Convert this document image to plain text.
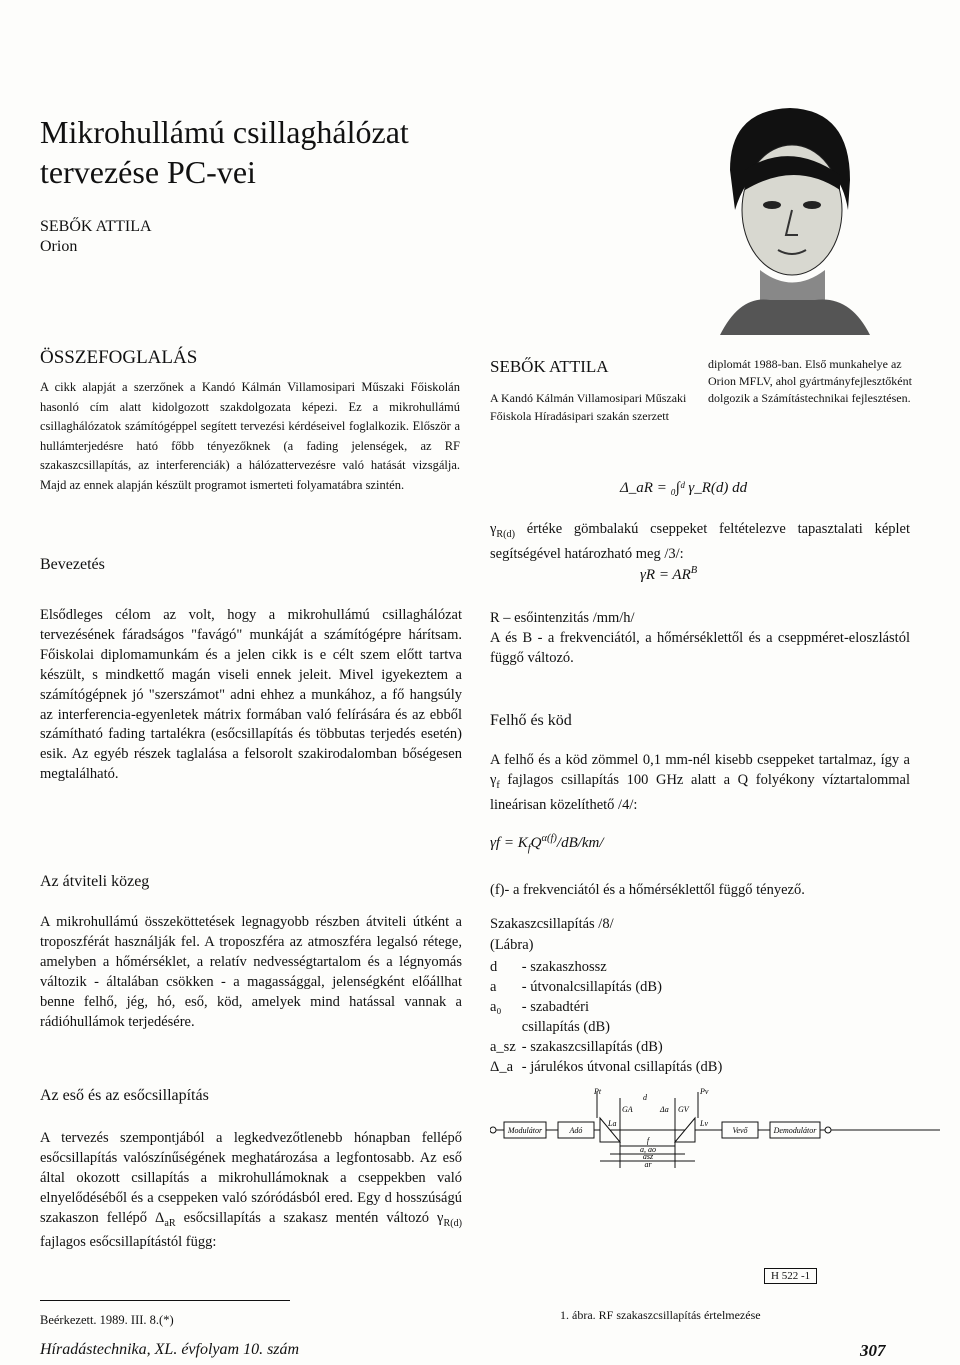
Mikrohullámú csillaghálózat tervezése PC-vei
SEBŐK ATTILA
Orion
ÖSSZEFOGLALÁS
A cikk alapját a szerzőnek a Kandó Kálmán Villamosipari Műszaki Főiskolán hasonló cím alatt kidolgozott szakdolgozata képezi. Ez a mikrohullámú csillaghálózatok számítógéppel segített tervezési kérdéseivel foglalkozik. Először a hullámterjedésre ható főbb tényezőknek (a fading jelenségek, az RF szakaszcsillapítás, az interferenciák) a hálózattervezésre való hatását vizsgálja. Majd az ennek alapján készült programot ismerteti folyamatábra szintén.
Bevezetés
Elsődleges célom az volt, hogy a mikrohullámú csillaghálózat tervezésének fáradságos "favágó" munkáját a számítógépre hárítsam. Főiskolai diplomamunkám és a jelen cikk is e célt szem előtt tartva készült, s mindkettő magán viseli ennek jeleit. Mivel igyekeztem a számítógépnek jó "szerszámot" adni ehhez a munkához, a fő hangsúly az interferencia-egyenletek mátrix formában való felírására és az ebből számítható fading tartalékra (esőcsillapítás és többutas terjedés esetén) esik. Az egyéb részek taglalása a felsorolt szakirodalomban bőségesen megtalálható.
Az átviteli közeg
A mikrohullámú összeköttetések legnagyobb részben átviteli útként a troposzférát használják fel. A troposzféra az atmoszféra legalsó rétege, amelyben a hőmérséklet, a relatív nedvességtartalom és a légnyomás változik - általában csökken - a magassággal, jelenségként előállhat benne felhő, jég, hó, eső, köd, amelyek mind hatással vannak a rádióhullámok terjedésére.
Az eső és az esőcsillapítás
A tervezés szempontjából a legkedvezőtlenebb hónapban fellépő esőcsillapítás valószínűségének meghatározása a legfontosabb. Az eső által okozott csillapítás a mikrohullámoknak a cseppekben való elnyelődéséből és a cseppeken való szóródásból ered. Egy d hosszúságú szakaszon fellépő $\Delta_{aR}$ esőcsillapítás a szakasz mentén változó $\gamma_{R(d)}$ fajlagos esőcsillapítástól függ:
SEBŐK ATTILA
A Kandó Kálmán Villamosipari Műszaki Főiskola Híradásipari szakán szerzett
diplomát 1988-ban. Első munkahelye az Orion MFLV, ahol gyártmányfejlesztőként dolgozik a Számítástechnikai fejlesztésen.
Δ_aR = ₀∫ᵈ γ_R(d) dd
$\gamma_{R(d)}$ értéke gömbalakú cseppeket feltételezve tapasztalati képlet segítségével határozható meg /3/:
$\gamma R = AR^B$
R – esőintenzitás /mm/h/
A és B - a frekvenciától, a hőmérséklettől és a cseppméret-eloszlástól függő változó.
Felhő és köd
A felhő és a köd zömmel 0,1 mm-nél kisebb cseppeket tartalmaz, így a $\gamma_f$ fajlagos csillapítás 100 GHz alatt a Q folyékony víztartalommal lineárisan közelíthető /4/:
$\gamma f = K_fQ^{\alpha(f)}/dB/km/$
(f)- a frekvenciától és a hőmérséklettől függő tényező.
Szakaszcsillapítás /8/
(Lábra)
d	- szakaszhossz
a	- útvonalcsillapítás (dB)
a₀	- szabadtéri
	csillapítás (dB)
a_sz	- szakaszcsillapítás (dB)
Δ_a	- járulékos útvonal csillapítás (dB)
Modulátor	Adó	Vevő	Demodulátor
Pt	Pv
d
GA	Δa GV
La	Lv
f
a, ao
asz
ar
H 522 -1
1. ábra. RF szakaszcsillapítás értelmezése
Beérkezett. 1989. III. 8.(*)
Híradástechnika, XL. évfolyam 10. szám	307
